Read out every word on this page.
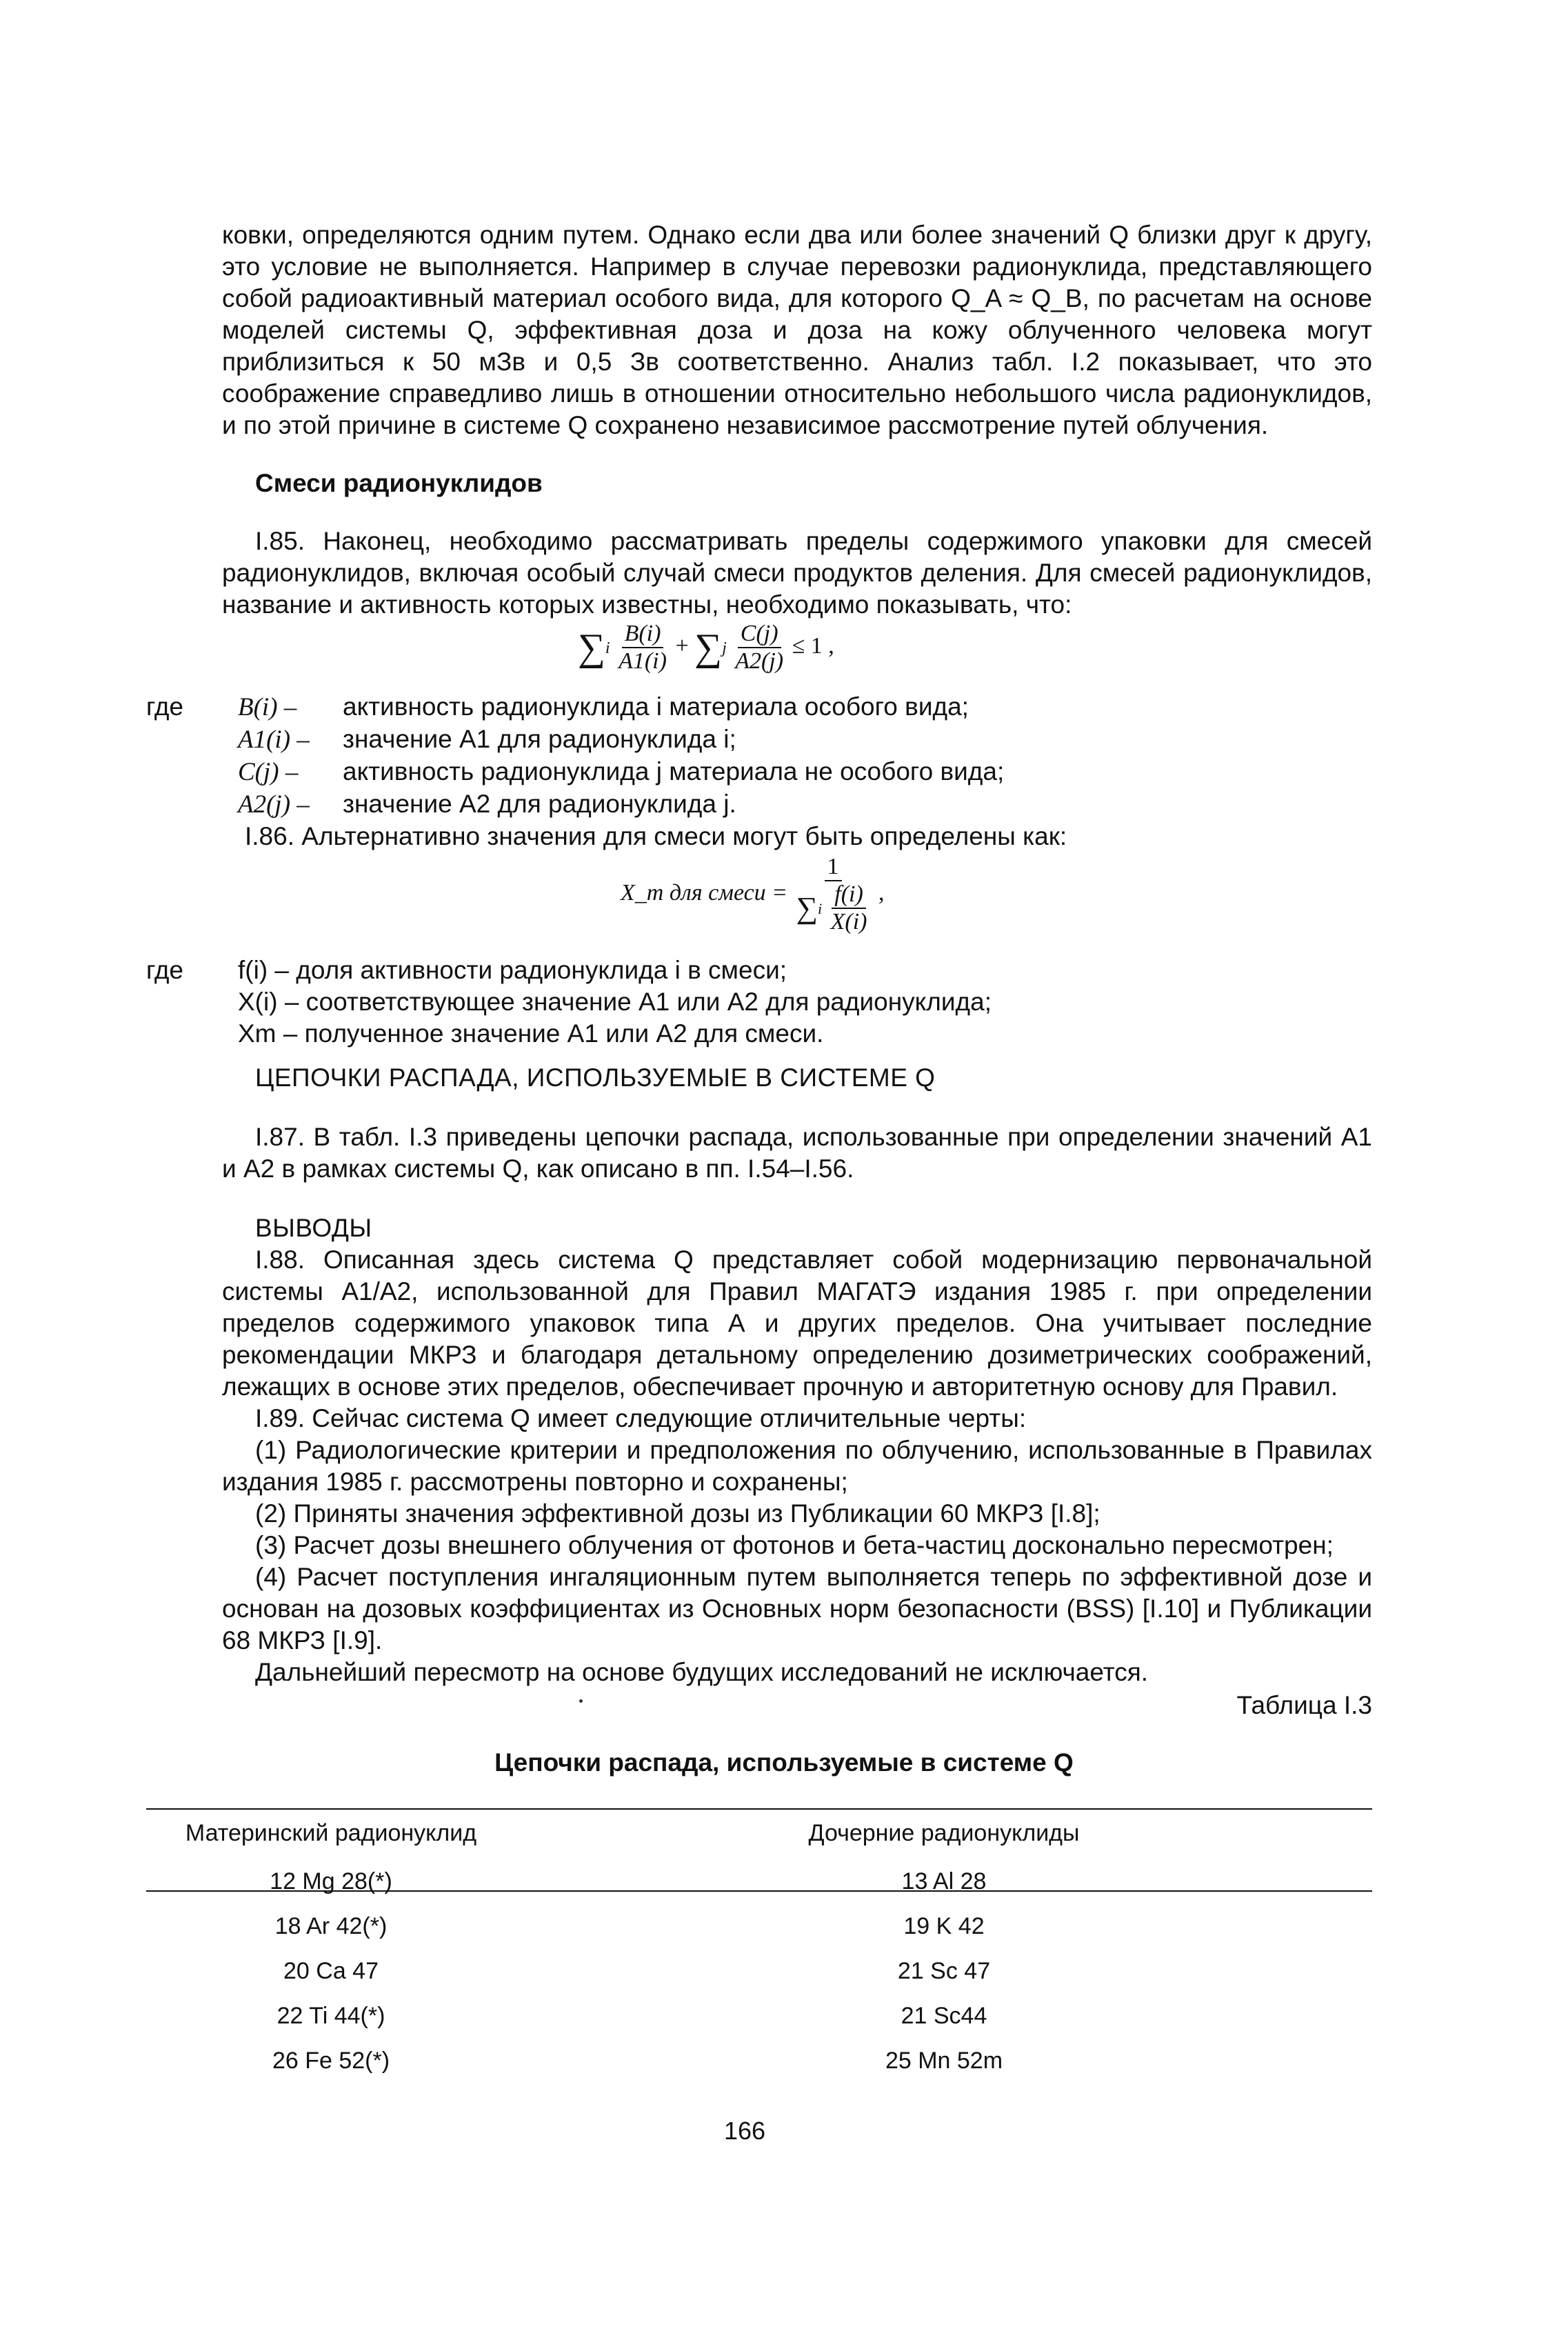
ковки, определяются одним путем. Однако если два или более значений Q близки друг к другу, это условие не выполняется. Например в случае перевозки радионуклида, представляющего собой радиоактивный материал особого вида, для которого Q_A ≈ Q_B, по расчетам на основе моделей системы Q, эффективная доза и доза на кожу облученного человека могут приблизиться к 50 мЗв и 0,5 Зв соответственно. Анализ табл. I.2 показывает, что это соображение справедливо лишь в отношении относительно небольшого числа радионуклидов, и по этой причине в системе Q сохранено независимое рассмотрение путей облучения.

Смеси радионуклидов

I.85. Наконец, необходимо рассматривать пределы содержимого упаковки для смесей радионуклидов, включая особый случай смеси продуктов деления. Для смесей радионуклидов, название и активность которых известны, необходимо показывать, что:

$\sum i \frac{B(i)}{A1(i)} + \sum j \frac{C(j)}{A2(j)} \le 1$ ,
где B(i) – активность радионуклида i материала особого вида;
A1(i) – значение A1 для радионуклида i;
C(j) – активность радионуклида j материала не особого вида;
A2(j) – значение A2 для радионуклида j.
I.86. Альтернативно значения для смеси могут быть определены как:
X_m для смеси = $\frac{1}{\sum i \frac{f(i)}{X(i)}}$ ,
где f(i) – доля активности радионуклида i в смеси;
X(i) – соответствующее значение A1 или A2 для радионуклида;
Xm – полученное значение A1 или A2 для смеси.

ЦЕПОЧКИ РАСПАДА, ИСПОЛЬЗУЕМЫЕ В СИСТЕМЕ Q

I.87. В табл. I.3 приведены цепочки распада, использованные при определении значений A1 и A2 в рамках системы Q, как описано в пп. I.54–I.56.

ВЫВОДЫ

I.88. Описанная здесь система Q представляет собой модернизацию первоначальной системы A1/A2, использованной для Правил МАГАТЭ издания 1985 г. при определении пределов содержимого упаковок типа А и других пределов. Она учитывает последние рекомендации МКРЗ и благодаря детальному определению дозиметрических соображений, лежащих в основе этих пределов, обеспечивает прочную и авторитетную основу для Правил.

I.89. Сейчас система Q имеет следующие отличительные черты:

(1) Радиологические критерии и предположения по облучению, использованные в Правилах издания 1985 г. рассмотрены повторно и сохранены;

(2) Приняты значения эффективной дозы из Публикации 60 МКРЗ [I.8];

(3) Расчет дозы внешнего облучения от фотонов и бета-частиц досконально пересмотрен;

(4) Расчет поступления ингаляционным путем выполняется теперь по эффективной дозе и основан на дозовых коэффициентах из Основных норм безопасности (BSS) [I.10] и Публикации 68 МКРЗ [I.9].

Дальнейший пересмотр на основе будущих исследований не исключается.

Таблица I.3
Цепочки распада, используемые в системе Q
Материнский радионуклид	Дочерние радионуклиды

12 Mg 28(*)	13 Al 28
18 Ar 42(*)	19 K 42
20 Ca 47	21 Sc 47
22 Ti 44(*)	21 Sc44
26 Fe 52(*)	25 Mn 52m
166
